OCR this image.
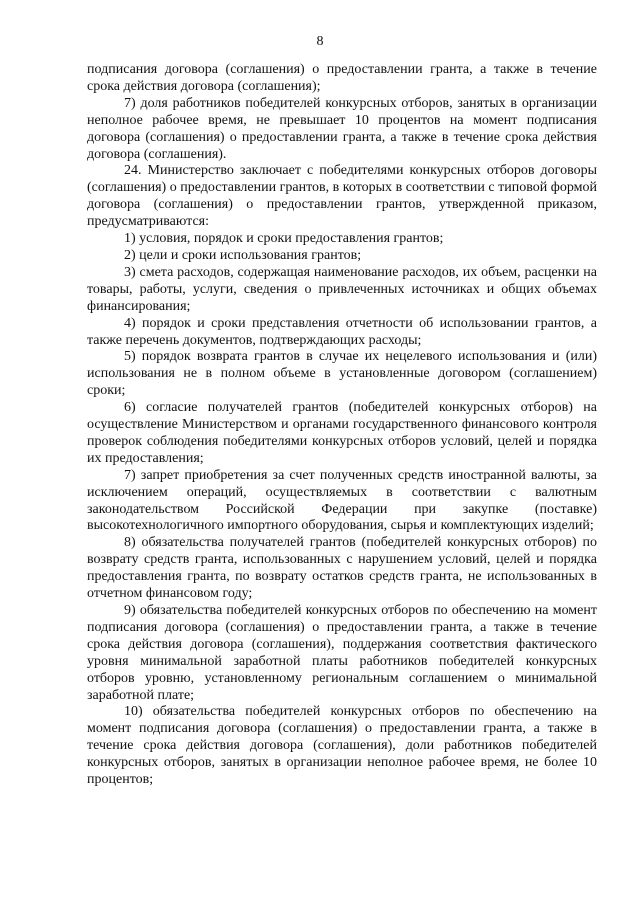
8

подписания договора (соглашения) о предоставлении гранта, а также в течение срока действия договора (соглашения);

7) доля работников победителей конкурсных отборов, занятых в организации неполное рабочее время, не превышает 10 процентов на момент подписания договора (соглашения) о предоставлении гранта, а также в течение срока действия договора (соглашения).

24. Министерство заключает с победителями конкурсных отборов договоры (соглашения) о предоставлении грантов, в которых в соответствии с типовой формой договора (соглашения) о предоставлении грантов, утвержденной приказом, предусматриваются:

1) условия, порядок и сроки предоставления грантов;

2) цели и сроки использования грантов;

3) смета расходов, содержащая наименование расходов, их объем, расценки на товары, работы, услуги, сведения о привлеченных источниках и общих объемах финансирования;

4) порядок и сроки представления отчетности об использовании грантов, а также перечень документов, подтверждающих расходы;

5) порядок возврата грантов в случае их нецелевого использования и (или) использования не в полном объеме в установленные договором (соглашением) сроки;

6) согласие получателей грантов (победителей конкурсных отборов) на осуществление Министерством и органами государственного финансового контроля проверок соблюдения победителями конкурсных отборов условий, целей и порядка их предоставления;

7) запрет приобретения за счет полученных средств иностранной валюты, за исключением операций, осуществляемых в соответствии с валютным законодательством Российской Федерации при закупке (поставке) высокотехнологичного импортного оборудования, сырья и комплектующих изделий;

8) обязательства получателей грантов (победителей конкурсных отборов) по возврату средств гранта, использованных с нарушением условий, целей и порядка предоставления гранта, по возврату остатков средств гранта, не использованных в отчетном финансовом году;

9) обязательства победителей конкурсных отборов по обеспечению на момент подписания договора (соглашения) о предоставлении гранта, а также в течение срока действия договора (соглашения), поддержания соответствия фактического уровня минимальной заработной платы работников победителей конкурсных отборов уровню, установленному региональным соглашением о минимальной заработной плате;

10) обязательства победителей конкурсных отборов по обеспечению на момент подписания договора (соглашения) о предоставлении гранта, а также в течение срока действия договора (соглашения), доли работников победителей конкурсных отборов, занятых в организации неполное рабочее время, не более 10 процентов;
